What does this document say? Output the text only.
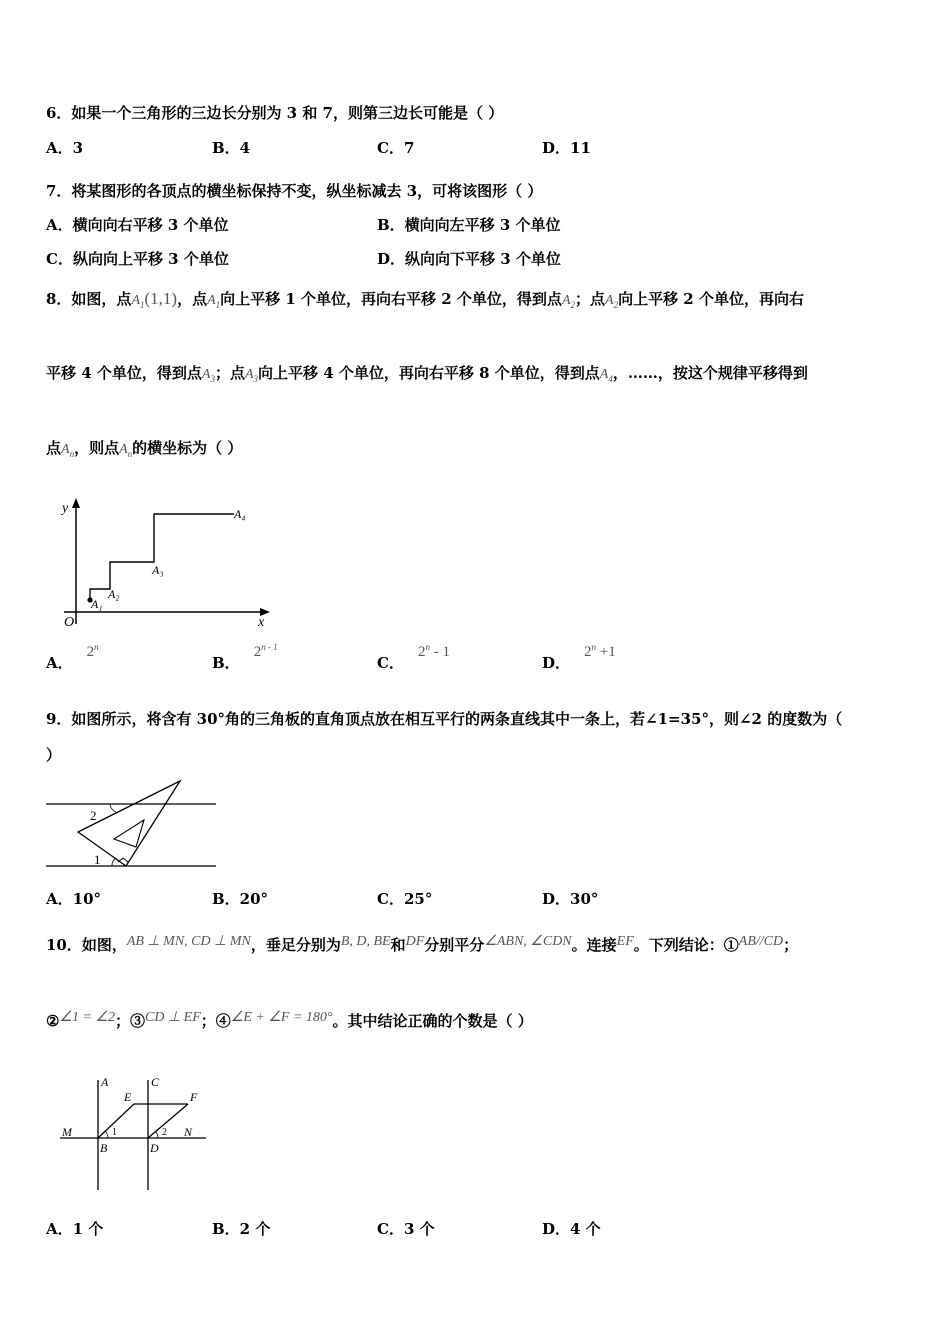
6．如果一个三角形的三边长分别为 3 和 7，则第三边长可能是（ ）
A．3	B．4	C．7	D．11
7．将某图形的各顶点的横坐标保持不变，纵坐标减去 3，可将该图形（ ）
A．横向向右平移 3 个单位	B．横向向左平移 3 个单位
C．纵向向上平移 3 个单位	D．纵向向下平移 3 个单位
8．如图，点$A_1(1,1)$，点$A_1$向上平移 1 个单位，再向右平移 2 个单位，得到点$A_2$；点$A_2$向上平移 2 个单位，再向右
平移 4 个单位，得到点$A_3$；点$A_3$向上平移 4 个单位，再向右平移 8 个单位，得到点$A_4$，……，按这个规律平移得到
点$A_n$，则点$A_n$的横坐标为（ ）
y
x
O
A₁
A₂
A₃
A₄
A．2$^n$
B．2$^{n - 1}$
C．2$^n$ - 1
D．$2^n +1$
9．如图所示，将含有 30°角的三角板的直角顶点放在相互平行的两条直线其中一条上，若∠1=35°，则∠2 的度数为（
）
2
1
A．10°	B．20°	C．25°	D．30°
10．如图，AB ⊥ MN, CD ⊥ MN，垂足分别为B, D, BE和DF分别平分∠ABN, ∠CDN。连接EF。下列结论：①AB//CD；
②∠1 = ∠2；③CD ⊥ EF；④∠E + ∠F = 180°。其中结论正确的个数是（ ）
A	C
E	F
M	N
B	D
1	2
A．1 个	B．2 个	C．3 个	D．4 个
